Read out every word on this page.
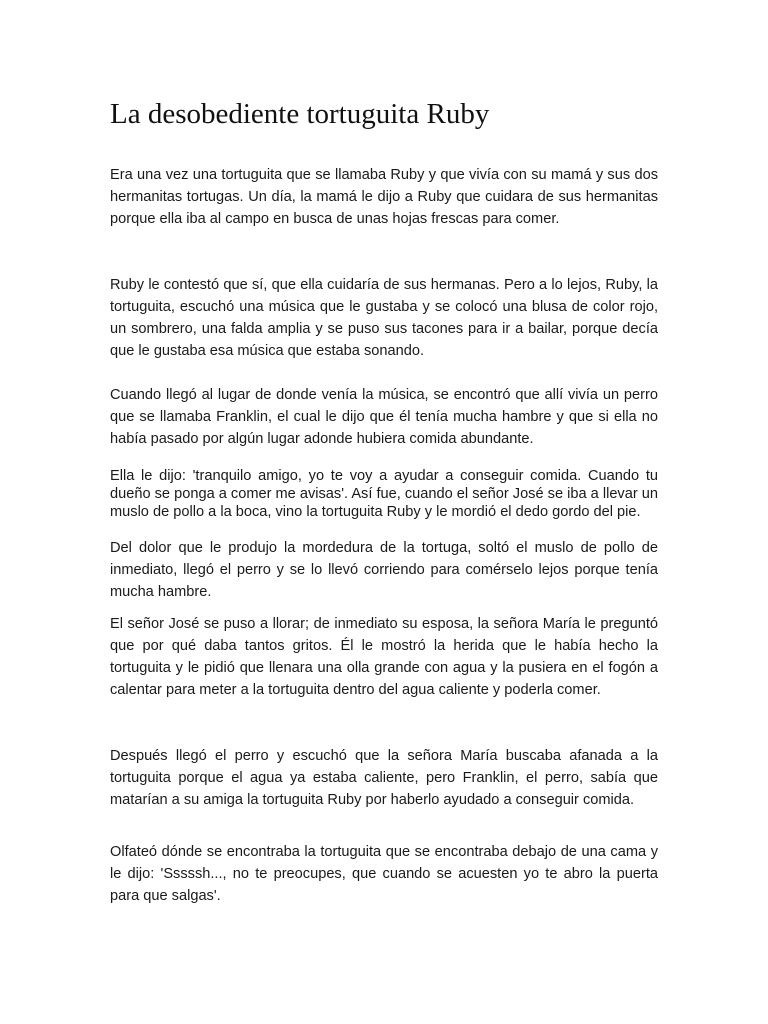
La desobediente tortuguita Ruby

Era una vez una tortuguita que se llamaba Ruby y que vivía con su mamá y sus dos hermanitas tortugas. Un día, la mamá le dijo a Ruby que cuidara de sus hermanitas porque ella iba al campo en busca de unas hojas frescas para comer.

Ruby le contestó que sí, que ella cuidaría de sus hermanas. Pero a lo lejos, Ruby, la tortuguita, escuchó una música que le gustaba y se colocó una blusa de color rojo, un sombrero, una falda amplia y se puso sus tacones para ir a bailar, porque decía que le gustaba esa música que estaba sonando.

Cuando llegó al lugar de donde venía la música, se encontró que allí vivía un perro que se llamaba Franklin, el cual le dijo que él tenía mucha hambre y que si ella no había pasado por algún lugar adonde hubiera comida abundante.

Ella le dijo: 'tranquilo amigo, yo te voy a ayudar a conseguir comida. Cuando tu dueño se ponga a comer me avisas'. Así fue, cuando el señor José se iba a llevar un muslo de pollo a la boca, vino la tortuguita Ruby y le mordió el dedo gordo del pie.

Del dolor que le produjo la mordedura de la tortuga, soltó el muslo de pollo de inmediato, llegó el perro y se lo llevó corriendo para comérselo lejos porque tenía mucha hambre.

El señor José se puso a llorar; de inmediato su esposa, la señora María le preguntó que por qué daba tantos gritos. Él le mostró la herida que le había hecho la tortuguita y le pidió que llenara una olla grande con agua y la pusiera en el fogón a calentar para meter a la tortuguita dentro del agua caliente y poderla comer.

Después llegó el perro y escuchó que la señora María buscaba afanada a la tortuguita porque el agua ya estaba caliente, pero Franklin, el perro, sabía que matarían a su amiga la tortuguita Ruby por haberlo ayudado a conseguir comida.

Olfateó dónde se encontraba la tortuguita que se encontraba debajo de una cama y le dijo: 'Sssssh..., no te preocupes, que cuando se acuesten yo te abro la puerta para que salgas'.
